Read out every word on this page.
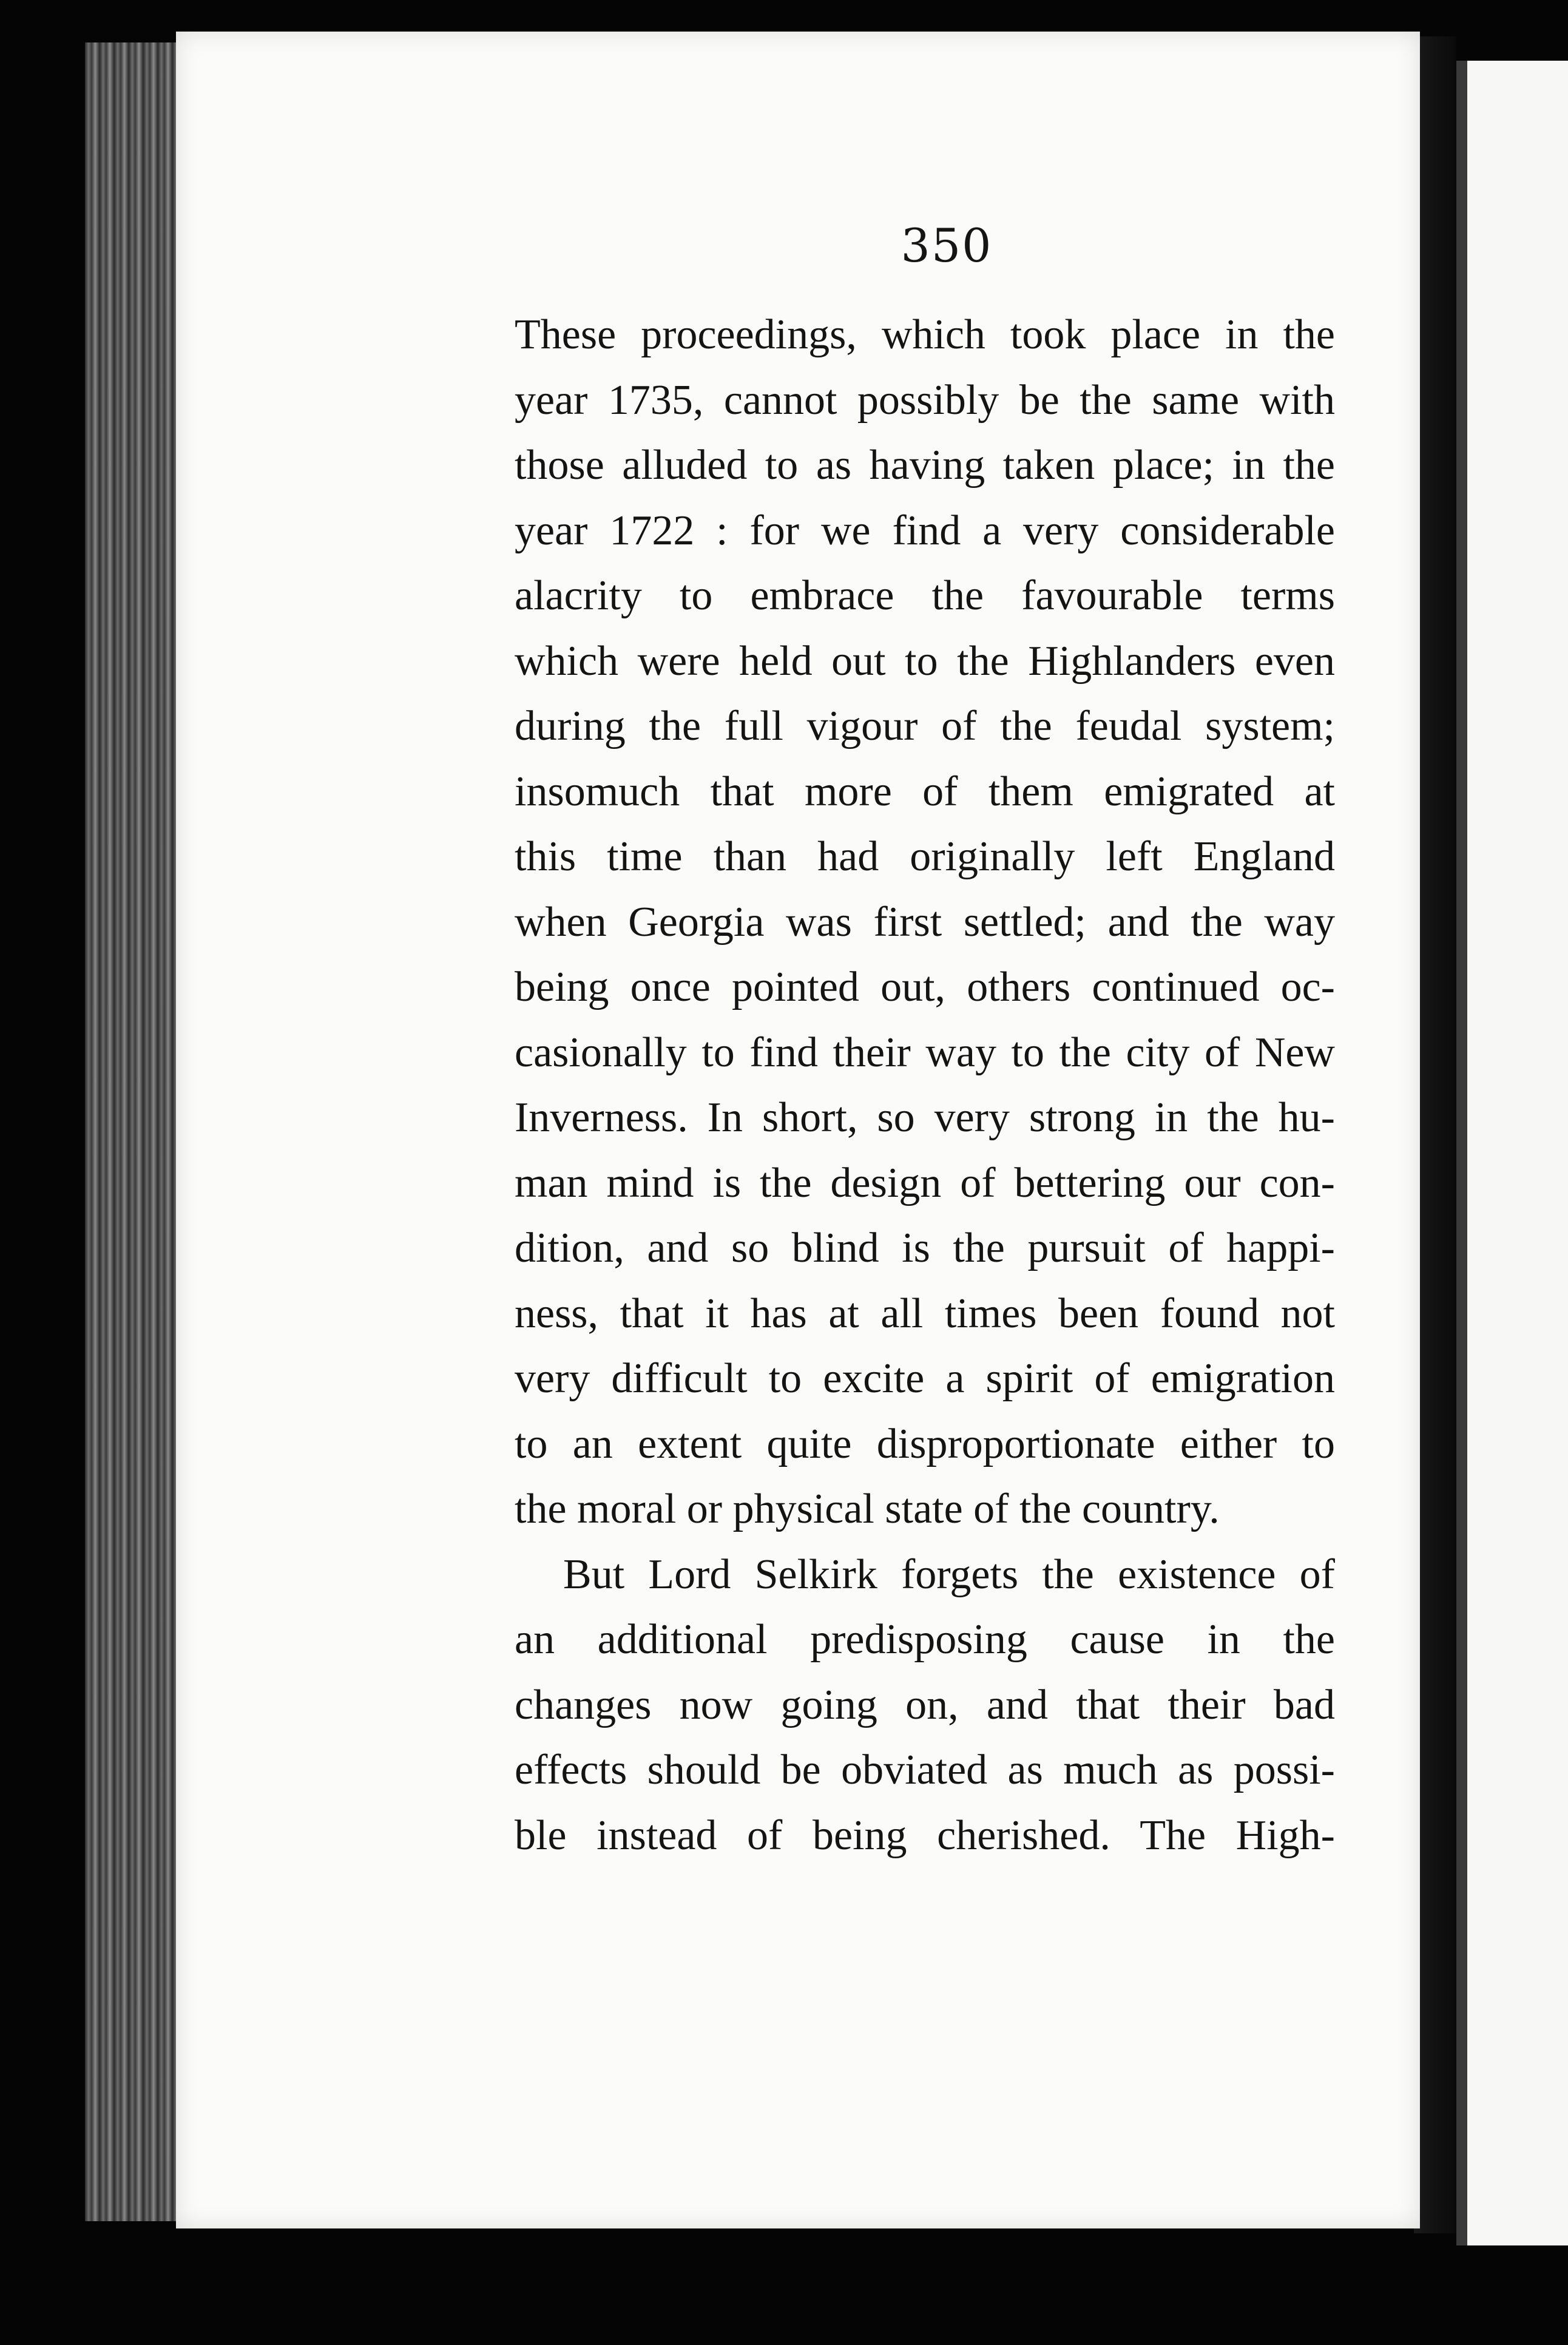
350
These proceedings, which took place in the
year 1735, cannot possibly be the same with
those alluded to as having taken place; in the
year 1722 : for we find a very considerable
alacrity to embrace the favourable terms
which were held out to the Highlanders even
during the full vigour of the feudal system;
insomuch that more of them emigrated at
this time than had originally left England
when Georgia was first settled; and the way
being once pointed out, others continued oc-
casionally to find their way to the city of New
Inverness. In short, so very strong in the hu-
man mind is the design of bettering our con-
dition, and so blind is the pursuit of happi-
ness, that it has at all times been found not
very difficult to excite a spirit of emigration
to an extent quite disproportionate either to
the moral or physical state of the country.
But Lord Selkirk forgets the existence of
an additional predisposing cause in the
changes now going on, and that their bad
effects should be obviated as much as possi-
ble instead of being cherished. The High-
